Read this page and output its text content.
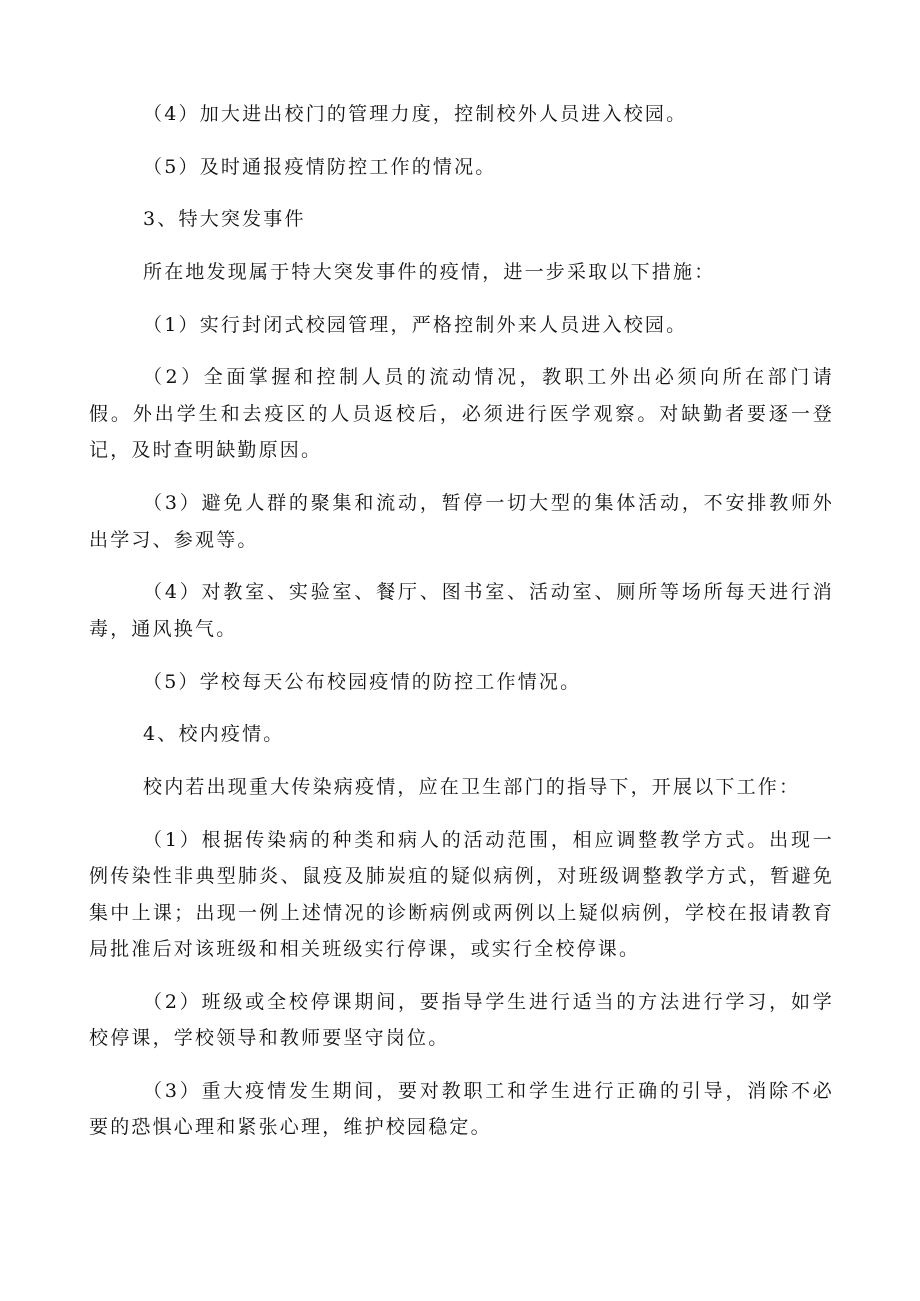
（4）加大进出校门的管理力度，控制校外人员进入校园。

（5）及时通报疫情防控工作的情况。

3、特大突发事件

所在地发现属于特大突发事件的疫情，进一步采取以下措施：

（1）实行封闭式校园管理，严格控制外来人员进入校园。

（2）全面掌握和控制人员的流动情况，教职工外出必须向所在部门请假。外出学生和去疫区的人员返校后，必须进行医学观察。对缺勤者要逐一登记，及时查明缺勤原因。

（3）避免人群的聚集和流动，暂停一切大型的集体活动，不安排教师外出学习、参观等。

（4）对教室、实验室、餐厅、图书室、活动室、厕所等场所每天进行消毒，通风换气。

（5）学校每天公布校园疫情的防控工作情况。

4、校内疫情。

校内若出现重大传染病疫情，应在卫生部门的指导下，开展以下工作：

（1）根据传染病的种类和病人的活动范围，相应调整教学方式。出现一例传染性非典型肺炎、鼠疫及肺炭疽的疑似病例，对班级调整教学方式，暂避免集中上课；出现一例上述情况的诊断病例或两例以上疑似病例，学校在报请教育局批准后对该班级和相关班级实行停课，或实行全校停课。

（2）班级或全校停课期间，要指导学生进行适当的方法进行学习，如学校停课，学校领导和教师要坚守岗位。

（3）重大疫情发生期间，要对教职工和学生进行正确的引导，消除不必要的恐惧心理和紧张心理，维护校园稳定。
